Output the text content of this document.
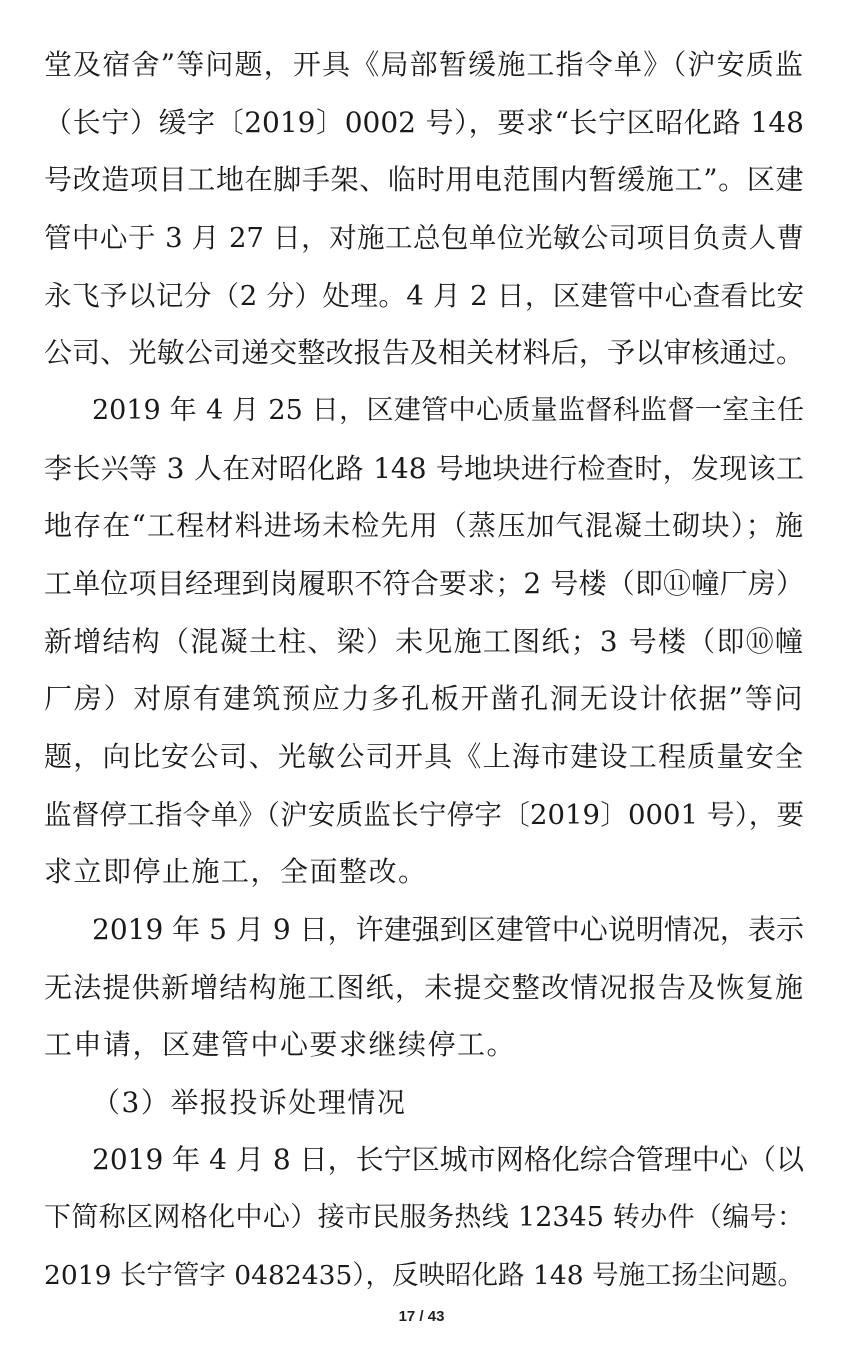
堂及宿舍”等问题，开具《局部暂缓施工指令单》（沪安质监
（长宁）缓字〔2019〕0002 号），要求“长宁区昭化路 148
号改造项目工地在脚手架、临时用电范围内暂缓施工”。区建
管中心于 3 月 27 日，对施工总包单位光敏公司项目负责人曹
永飞予以记分（2 分）处理。4 月 2 日，区建管中心查看比安
公司、光敏公司递交整改报告及相关材料后，予以审核通过。
2019 年 4 月 25 日，区建管中心质量监督科监督一室主任
李长兴等 3 人在对昭化路 148 号地块进行检查时，发现该工
地存在“工程材料进场未检先用（蒸压加气混凝土砌块）；施
工单位项目经理到岗履职不符合要求；2 号楼（即⑪幢厂房）
新增结构（混凝土柱、梁）未见施工图纸；3 号楼（即⑩幢
厂房）对原有建筑预应力多孔板开凿孔洞无设计依据”等问
题，向比安公司、光敏公司开具《上海市建设工程质量安全
监督停工指令单》（沪安质监长宁停字〔2019〕0001 号），要
求立即停止施工，全面整改。
2019 年 5 月 9 日，许建强到区建管中心说明情况，表示
无法提供新增结构施工图纸，未提交整改情况报告及恢复施
工申请，区建管中心要求继续停工。
（3）举报投诉处理情况
2019 年 4 月 8 日，长宁区城市网格化综合管理中心（以
下简称区网格化中心）接市民服务热线 12345 转办件（编号：
2019 长宁管字 0482435），反映昭化路 148 号施工扬尘问题。
17 / 43
